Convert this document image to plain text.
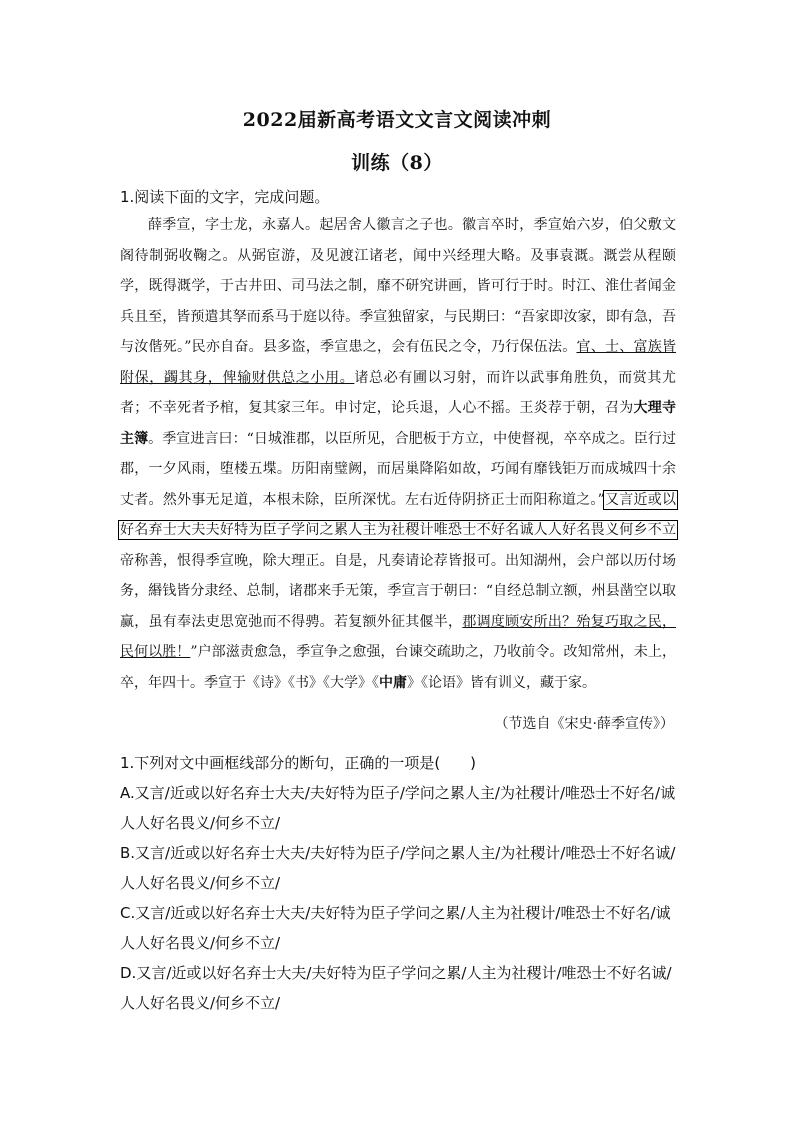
2022届新高考语文文言文阅读冲刺
训练（8）
1.阅读下面的文字，完成问题。

薛季宣，字士龙，永嘉人。起居舍人徽言之子也。徽言卒时，季宣始六岁，伯父敷文阁待制弼收鞠之。从弼宦游，及见渡江诸老，闻中兴经理大略。及事袁溉。溉尝从程颐学，既得溉学，于古井田、司马法之制，靡不研究讲画，皆可行于时。时江、淮仕者闻金兵且至，皆预遣其孥而系马于庭以待。季宣独留家，与民期曰：“吾家即汝家，即有急，吾与汝偕死。”民亦自奋。县多盗，季宣患之，会有伍民之令，乃行保伍法。官、士、富族皆附保，蠲其身，俾输财供总之小用。诸总必有圃以习射，而许以武事角胜负，而赏其尤者；不幸死者予棺，复其家三年。申讨定，论兵退，人心不摇。王炎荐于朝，召为大理寺主簿。季宣进言曰：“日城淮郡，以臣所见，合肥板于方立，中使督视，卒卒成之。臣行过郡，一夕风雨，堕楼五堞。历阳南璧阙，而居巢降陷如故，巧闻有靡钱钜万而成城四十余丈者。然外事无足道，本根未除，臣所深忧。左右近侍阴挤正士而阳称道之。”又言近或以好名弃士大夫夫好特为臣子学问之累人主为社稷计唯恐士不好名诚人人好名畏义何乡不立帝称善，恨得季宣晚，除大理正。自是，凡奏请论荐皆报可。出知湖州，会户部以历付场务，緡钱皆分隶经、总制，诸郡来手无策，季宣言于朝曰：“自经总制立额，州县凿空以取赢，虽有奉法吏思宽弛而不得骋。若复额外征其偃半，郡调度顾安所出？殆复巧取之民，民何以胜！”户部滋责愈急，季宣争之愈强，台谏交疏助之，乃收前令。改知常州，未上，卒，年四十。季宣于《诗》《书》《大学》《中庸》《论语》皆有训义，藏于家。

（节选自《宋史·薛季宣传》）
1.下列对文中画框线部分的断句，正确的一项是(　　)
A.又言/近或以好名弃士大夫/夫好特为臣子/学问之累人主/为社稷计/唯恐士不好名/诚人人好名畏义/何乡不立/
B.又言/近或以好名弃士大夫/夫好特为臣子/学问之累人主/为社稷计/唯恐士不好名诚/人人好名畏义/何乡不立/
C.又言/近或以好名弃士大夫/夫好特为臣子学问之累/人主为社稷计/唯恐士不好名/诚人人好名畏义/何乡不立/
D.又言/近或以好名弃士大夫/夫好特为臣子学问之累/人主为社稷计/唯恐士不好名诚/人人好名畏义/何乡不立/
